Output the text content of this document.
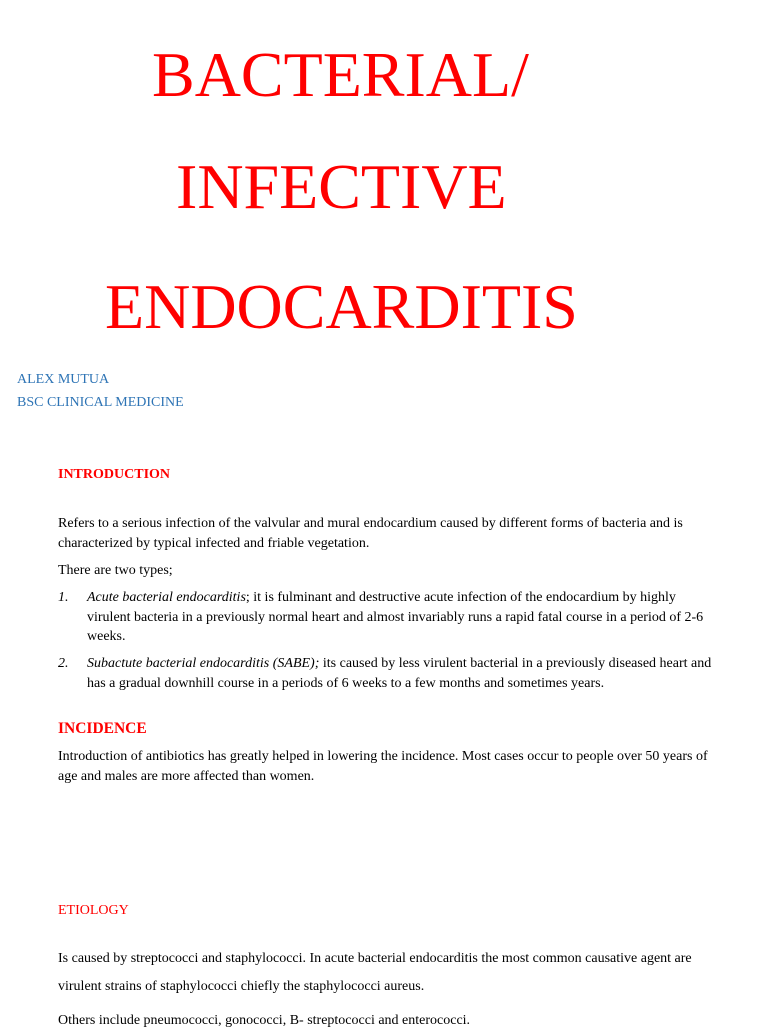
BACTERIAL/
INFECTIVE
ENDOCARDITIS
ALEX MUTUA
BSC CLINICAL MEDICINE
INTRODUCTION
Refers to a serious infection of the valvular and mural endocardium caused by different forms of bacteria and is characterized by typical infected and friable vegetation.
There are two types;
1.	Acute bacterial endocarditis; it is fulminant and destructive acute infection of the endocardium by highly virulent bacteria in a previously normal heart and almost invariably runs a rapid fatal course in a period of 2-6 weeks.
2.	Subactute bacterial endocarditis (SABE); its caused by less virulent bacterial in a previously diseased heart and has a gradual downhill course in a periods of 6 weeks to a few months and sometimes years.
INCIDENCE
Introduction of antibiotics has greatly helped in lowering the incidence. Most cases occur to people over 50 years of age and males are more affected than women.
ETIOLOGY
Is caused by streptococci and staphylococci. In acute bacterial endocarditis the most common causative agent are virulent strains of staphylococci chiefly the staphylococci aureus.
Others include pneumococci, gonococci, B- streptococci and enterococci.
